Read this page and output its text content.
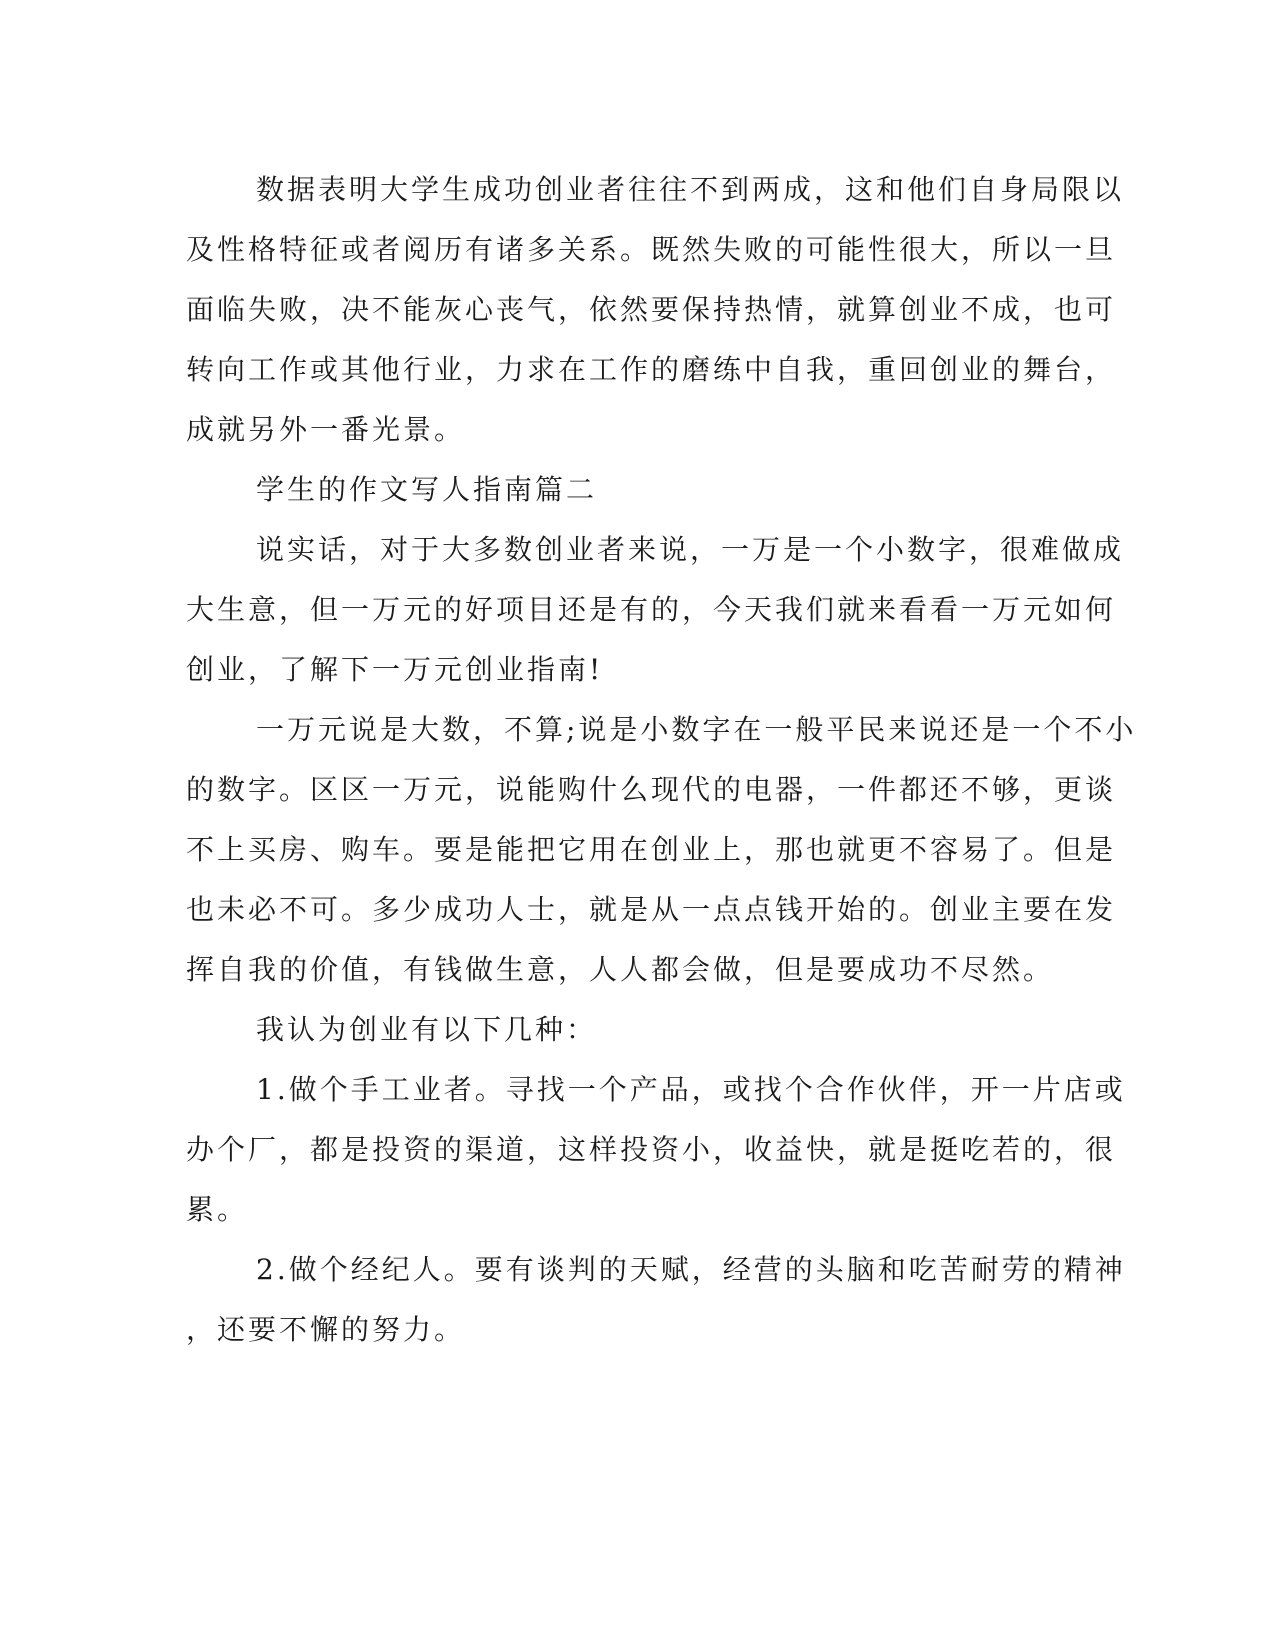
数据表明大学生成功创业者往往不到两成，这和他们自身局限以
及性格特征或者阅历有诸多关系。既然失败的可能性很大，所以一旦
面临失败，决不能灰心丧气，依然要保持热情，就算创业不成，也可
转向工作或其他行业，力求在工作的磨练中自我，重回创业的舞台，
成就另外一番光景。

学生的作文写人指南篇二

说实话，对于大多数创业者来说，一万是一个小数字，很难做成
大生意，但一万元的好项目还是有的，今天我们就来看看一万元如何
创业，了解下一万元创业指南!

一万元说是大数，不算;说是小数字在一般平民来说还是一个不小
的数字。区区一万元，说能购什么现代的电器，一件都还不够，更谈
不上买房、购车。要是能把它用在创业上，那也就更不容易了。但是
也未必不可。多少成功人士，就是从一点点钱开始的。创业主要在发
挥自我的价值，有钱做生意，人人都会做，但是要成功不尽然。

我认为创业有以下几种：

1.做个手工业者。寻找一个产品，或找个合作伙伴，开一片店或
办个厂，都是投资的渠道，这样投资小，收益快，就是挺吃若的，很
累。

2.做个经纪人。要有谈判的天赋，经营的头脑和吃苦耐劳的精神
，还要不懈的努力。
